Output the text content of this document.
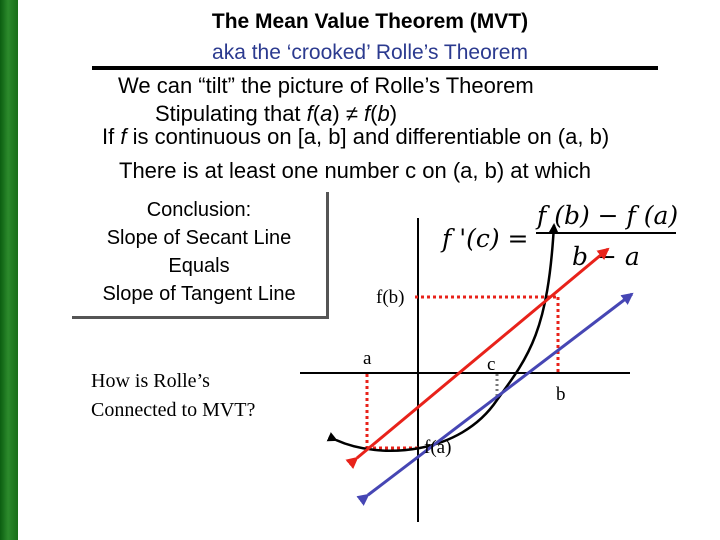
The Mean Value Theorem (MVT)
aka the ‘crooked’ Rolle’s Theorem
We can “tilt” the picture of Rolle’s Theorem
Stipulating that f(a) ≠ f(b)
If f is continuous on [a, b] and differentiable on (a, b)
There is at least one number c on (a, b) at which
Conclusion:
Slope of Secant Line
Equals
Slope of Tangent Line
How is Rolle’s
Connected to MVT?
f '(c) =
f (b) − f (a)
b − a
f(b)
a	c
b
f(a)
